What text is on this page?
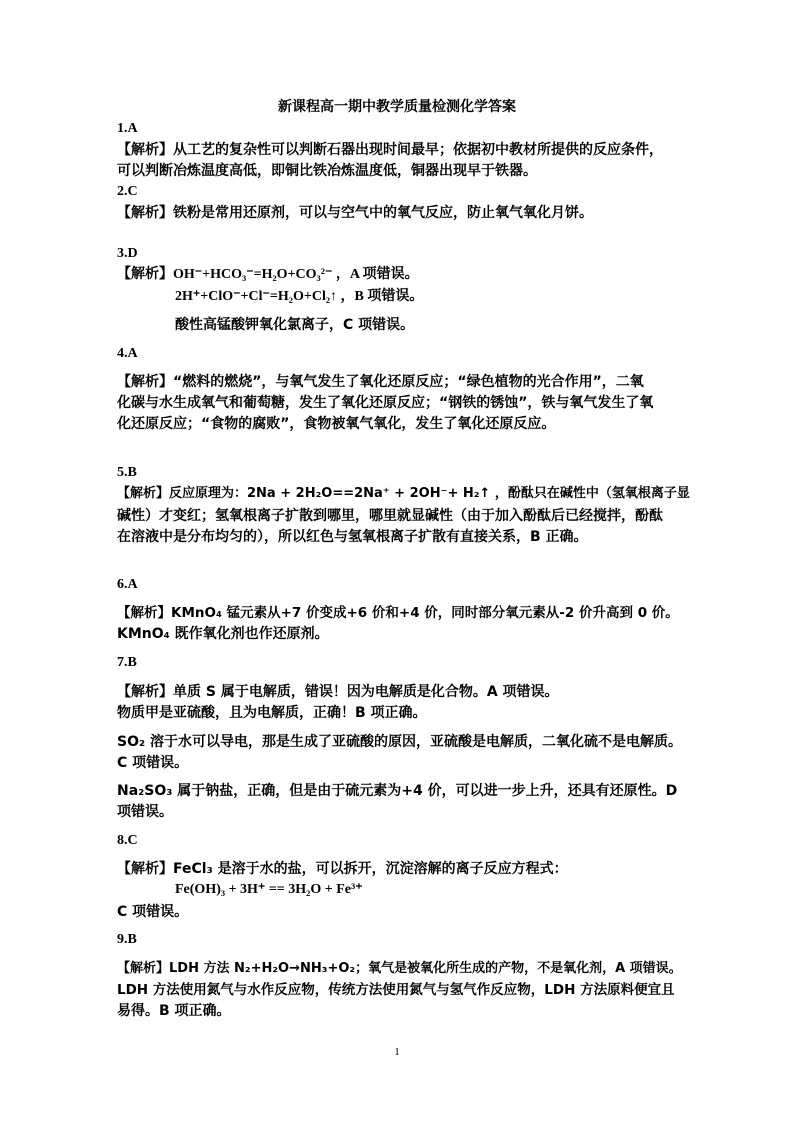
新课程高一期中教学质量检测化学答案
1.A
【解析】从工艺的复杂性可以判断石器出现时间最早；依据初中教材所提供的反应条件，
可以判断冶炼温度高低，即铜比铁冶炼温度低，铜器出现早于铁器。
2.C
【解析】铁粉是常用还原剂，可以与空气中的氧气反应，防止氧气氧化月饼。
3.D
【解析】OH⁻+HCO₃⁻=H₂O+CO₃²⁻ ，A 项错误。
2H⁺+ClO⁻+Cl⁻=H₂O+Cl₂↑ ，B 项错误。
酸性高锰酸钾氧化氯离子，C 项错误。
4.A
【解析】“燃料的燃烧”，与氧气发生了氧化还原反应；“绿色植物的光合作用”，二氧
化碳与水生成氧气和葡萄糖，发生了氧化还原反应；“钢铁的锈蚀”，铁与氧气发生了氧
化还原反应；“食物的腐败”，食物被氧气氧化，发生了氧化还原反应。
5.B
【解析】反应原理为：2Na + 2H₂O==2Na⁺ + 2OH⁻+ H₂↑ ，酚酞只在碱性中（氢氧根离子显
碱性）才变红；氢氧根离子扩散到哪里，哪里就显碱性（由于加入酚酞后已经搅拌，酚酞
在溶液中是分布均匀的），所以红色与氢氧根离子扩散有直接关系，B 正确。
6.A
【解析】KMnO₄ 锰元素从+7 价变成+6 价和+4 价，同时部分氧元素从-2 价升高到 0 价。
KMnO₄ 既作氧化剂也作还原剂。
7.B
【解析】单质 S 属于电解质，错误！因为电解质是化合物。A 项错误。
物质甲是亚硫酸，且为电解质，正确！B 项正确。
SO₂ 溶于水可以导电，那是生成了亚硫酸的原因，亚硫酸是电解质，二氧化硫不是电解质。
C 项错误。
Na₂SO₃ 属于钠盐，正确，但是由于硫元素为+4 价，可以进一步上升，还具有还原性。D
项错误。
8.C
【解析】FeCl₃ 是溶于水的盐，可以拆开，沉淀溶解的离子反应方程式：
Fe(OH)₃ + 3H⁺ == 3H₂O + Fe³⁺
C 项错误。
9.B
【解析】LDH 方法 N₂+H₂O→NH₃+O₂；氧气是被氧化所生成的产物，不是氧化剂，A 项错误。
LDH 方法使用氮气与水作反应物，传统方法使用氮气与氢气作反应物，LDH 方法原料便宜且
易得。B 项正确。
1
